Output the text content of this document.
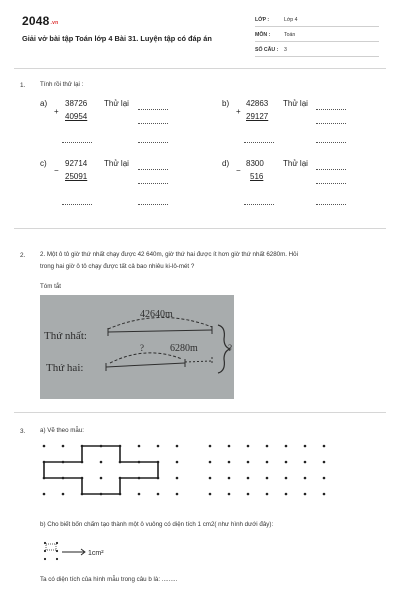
2048.vn
Giải vở bài tập Toán lớp 4 Bài 31. Luyện tập có đáp án
LỚP :	Lớp 4
MÔN :	Toán
SỐ CÂU : 3
1. Tính rồi thử lại :
a)
+
38726
40954
Thử lại	b)
+
42863
29127
Thử lại
c)
−
92714
25091
Thử lại	d)
−
8300
516
Thử lại
2. 2. Một ô tô giờ thứ nhất chạy được 42 640m, giờ thứ hai được ít hơn giờ thứ nhất 6280m. Hỏi
trong hai giờ ô tô chạy được tất cả bao nhiêu ki-lô-mét ?
Tóm tắt
Thứ nhất:
Thứ hai:
42640m
6280m
?	?
3. a) Vẽ theo mẫu:
b) Cho biết bốn chấm tạo thành một ô vuông có diện tích 1 cm2( như hình dưới đây):
1cm²
Ta có diện tích của hình mẫu trong câu b là: .........
